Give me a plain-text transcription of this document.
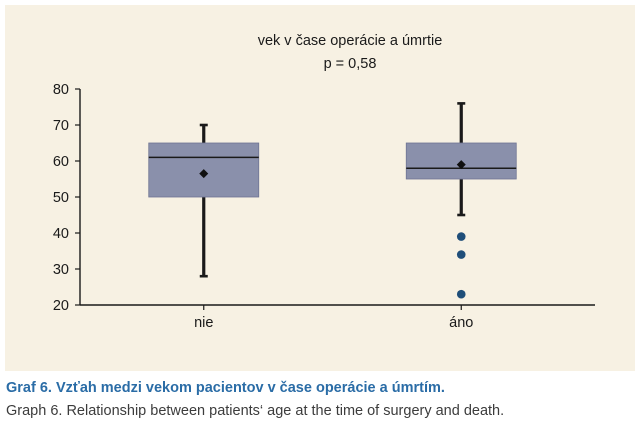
vek v čase operácie a úmrtie
p = 0,58
20
30
40
50
60
70
80
nie	áno

Graf 6. Vzťah medzi vekom pacientov v čase operácie a úmrtím.

Graph 6. Relationship between patients‘ age at the time of surgery and death.
